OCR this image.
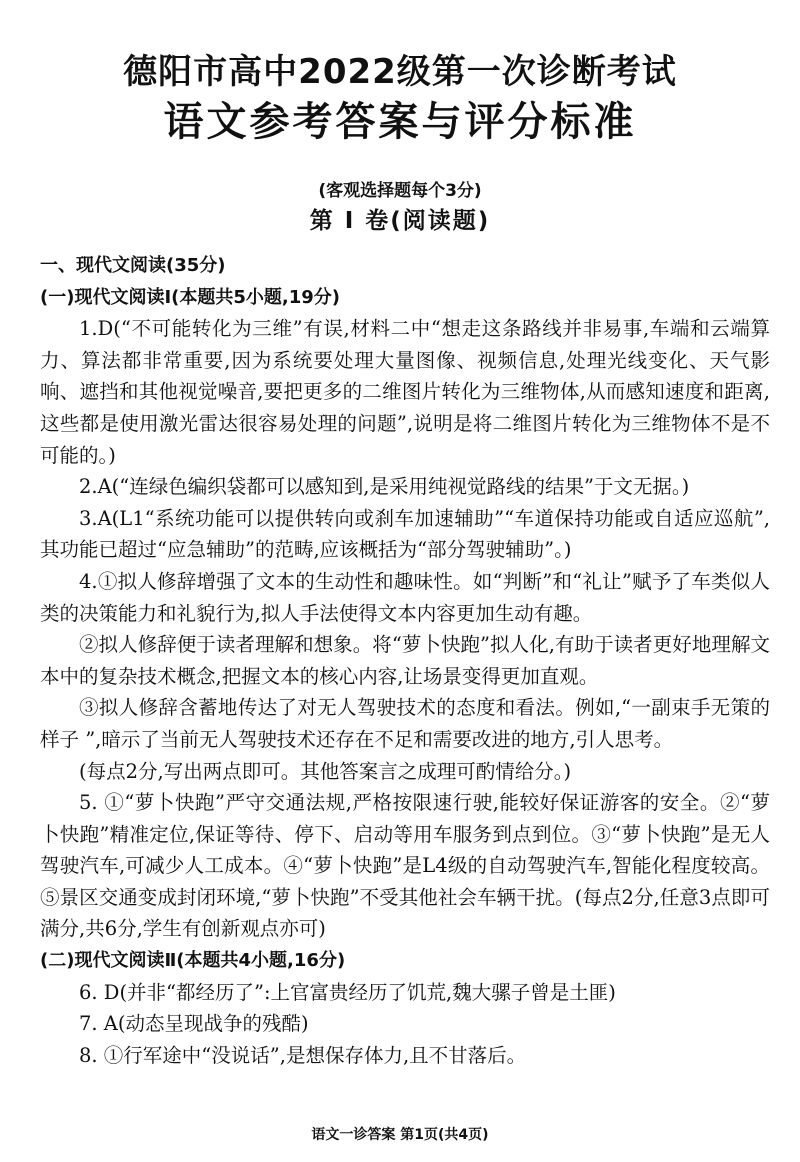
德阳市高中2022级第一次诊断考试
语文参考答案与评分标准
(客观选择题每个3分)
第 Ⅰ 卷(阅读题)
一、现代文阅读(35分)
(一)现代文阅读Ⅰ(本题共5小题,19分)

1.D(“不可能转化为三维”有误,材料二中“想走这条路线并非易事,车端和云端算力、算法都非常重要,因为系统要处理大量图像、视频信息,处理光线变化、天气影响、遮挡和其他视觉噪音,要把更多的二维图片转化为三维物体,从而感知速度和距离,这些都是使用激光雷达很容易处理的问题”,说明是将二维图片转化为三维物体不是不可能的。)

2.A(“连绿色编织袋都可以感知到,是采用纯视觉路线的结果”于文无据。)

3.A(L1“系统功能可以提供转向或刹车加速辅助”“车道保持功能或自适应巡航”,其功能已超过“应急辅助”的范畴,应该概括为“部分驾驶辅助”。)

4.①拟人修辞增强了文本的生动性和趣味性。如“判断”和“礼让”赋予了车类似人类的决策能力和礼貌行为,拟人手法使得文本内容更加生动有趣。

②拟人修辞便于读者理解和想象。将“萝卜快跑”拟人化,有助于读者更好地理解文本中的复杂技术概念,把握文本的核心内容,让场景变得更加直观。

③拟人修辞含蓄地传达了对无人驾驶技术的态度和看法。例如,“一副束手无策的样子 ”,暗示了当前无人驾驶技术还存在不足和需要改进的地方,引人思考。

(每点2分,写出两点即可。其他答案言之成理可酌情给分。)

5. ①“萝卜快跑”严守交通法规,严格按限速行驶,能较好保证游客的安全。②“萝卜快跑”精准定位,保证等待、停下、启动等用车服务到点到位。③“萝卜快跑”是无人驾驶汽车,可减少人工成本。④“萝卜快跑”是L4级的自动驾驶汽车,智能化程度较高。⑤景区交通变成封闭环境,“萝卜快跑”不受其他社会车辆干扰。(每点2分,任意3点即可满分,共6分,学生有创新观点亦可)

(二)现代文阅读Ⅱ(本题共4小题,16分)

6. D(并非“都经历了”:上官富贵经历了饥荒,魏大骡子曾是土匪)

7. A(动态呈现战争的残酷)

8. ①行军途中“没说话”,是想保存体力,且不甘落后。

语文一诊答案 第1页(共4页)
